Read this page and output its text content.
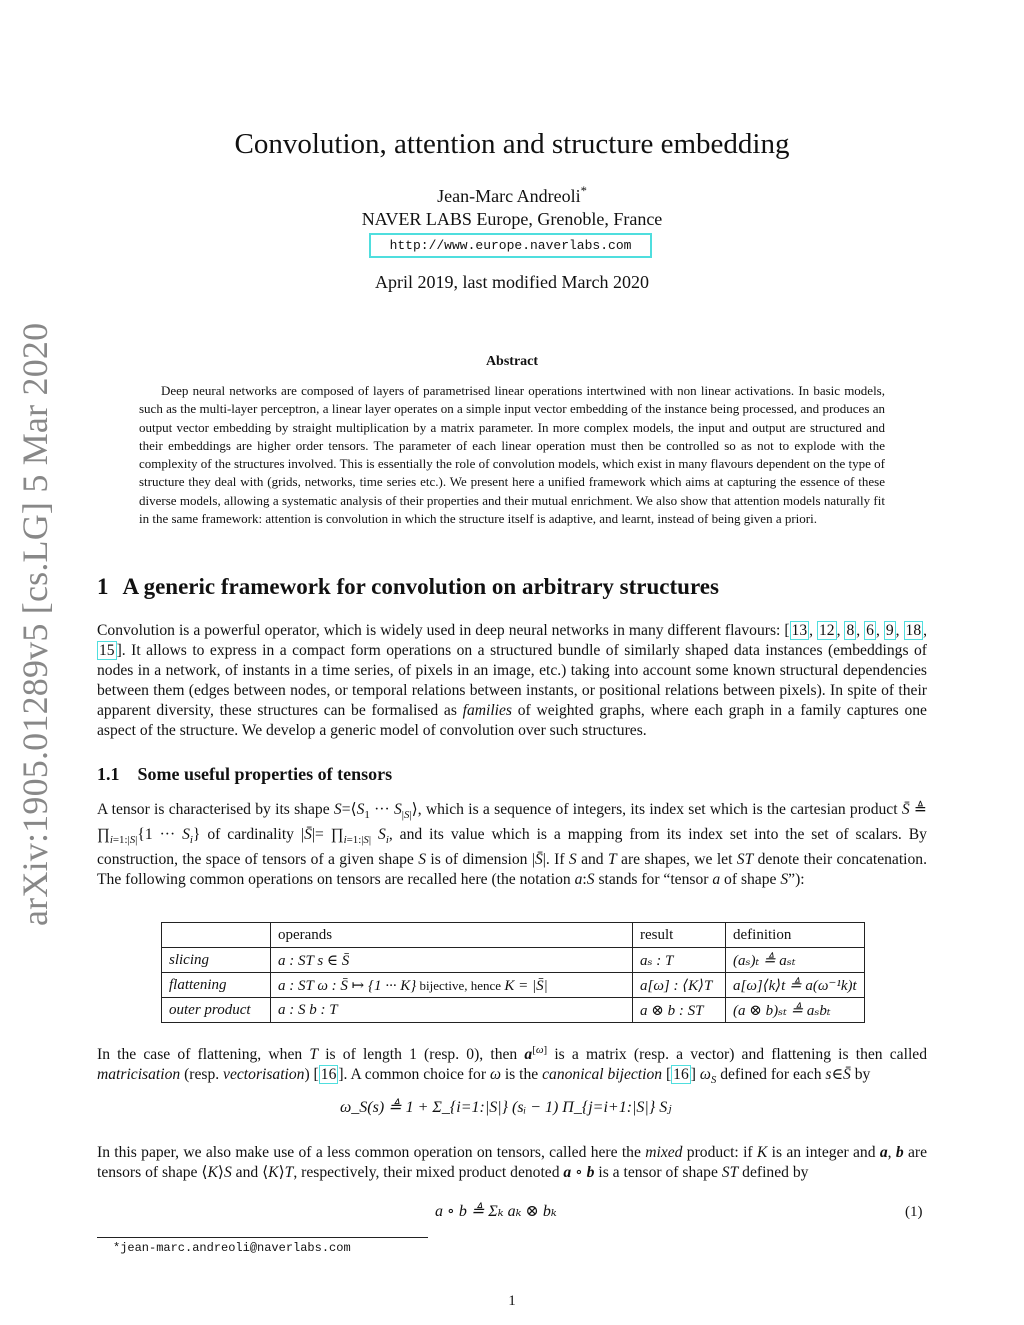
Convolution, attention and structure embedding
Jean-Marc Andreoli*
NAVER LABS Europe, Grenoble, France
http://www.europe.naverlabs.com
April 2019, last modified March 2020
arXiv:1905.01289v5 [cs.LG] 5 Mar 2020	Abstract
Deep neural networks are composed of layers of parametrised linear operations intertwined with non linear activations. In basic models, such as the multi-layer perceptron, a linear layer operates on a simple input vector embedding of the instance being processed, and produces an output vector embedding by straight multiplication by a matrix parameter. In more complex models, the input and output are structured and their embeddings are higher order tensors. The parameter of each linear operation must then be controlled so as not to explode with the complexity of the structures involved. This is essentially the role of convolution models, which exist in many flavours dependent on the type of structure they deal with (grids, networks, time series etc.). We present here a unified framework which aims at capturing the essence of these diverse models, allowing a systematic analysis of their properties and their mutual enrichment. We also show that attention models naturally fit in the same framework: attention is convolution in which the structure itself is adaptive, and learnt, instead of being given a priori.
1 A generic framework for convolution on arbitrary structures
Convolution is a powerful operator, which is widely used in deep neural networks in many different flavours: [ 13 , 12 , 8 , 6 , 9 , 18 , 15 ]. It allows to express in a compact form operations on a structured bundle of similarly shaped data instances (embeddings of nodes in a network, of instants in a time series, of pixels in an image, etc.) taking into account some known structural dependencies between them (edges between nodes, or temporal relations between instants, or positional relations between pixels). In spite of their apparent diversity, these structures can be formalised as families of weighted graphs, where each graph in a family captures one aspect of the structure. We develop a generic model of convolution over such structures.
1.1 Some useful properties of tensors
A tensor is characterised by its shape $S=⟨S_1$ ··· $S_{|S|}⟩$, which is a sequence of integers, its index set which is the cartesian product S̄ ≜ $\prod_{i=1:|S|}\{1$ ··· $S_i$} of cardinality |S̄|= $\prod_{i=1:|S|}$ $S_i$, and its value which is a mapping from its index set into the set of scalars. By construction, the space of tensors of a given shape S is of dimension |S̄|. If S and T are shapes, we let ST denote their concatenation. The following common operations on tensors are recalled here (the notation a:S stands for “tensor a of shape S”):
	operands	result	definition
slicing	a : ST s ∈ S̄	aₛ : T	(aₛ)ₜ ≜ aₛₜ
flattening	a : ST ω : S̄ ↦ {1 ··· K} bijective, hence K = |S̄|	a[ω] : ⟨K⟩T	a[ω]⟨k⟩t ≜ a(ω⁻¹k)t
outer product	a : S b : T	a ⊗ b : ST	(a ⊗ b)ₛₜ ≜ aₛbₜ
In the case of flattening, when T is of length 1 (resp. 0), then a[ω] is a matrix (resp. a vector) and flattening is then called matricisation (resp. vectorisation) [ 16 ]. A common choice for ω is the canonical bijection [ 16 ] $\omega_S$ defined for each s∈S̄ by
ω_S(s) ≜ 1 + Σ_{i=1:|S|} (sᵢ − 1) Π_{j=i+1:|S|} Sⱼ
In this paper, we also make use of a less common operation on tensors, called here the mixed product: if K is an integer and a, b are tensors of shape ⟨K⟩S and ⟨K⟩T, respectively, their mixed product denoted a ∘ b is a tensor of shape ST defined by
a ∘ b ≜ Σₖ aₖ ⊗ bₖ	(1)
*jean-marc.andreoli@naverlabs.com
1
